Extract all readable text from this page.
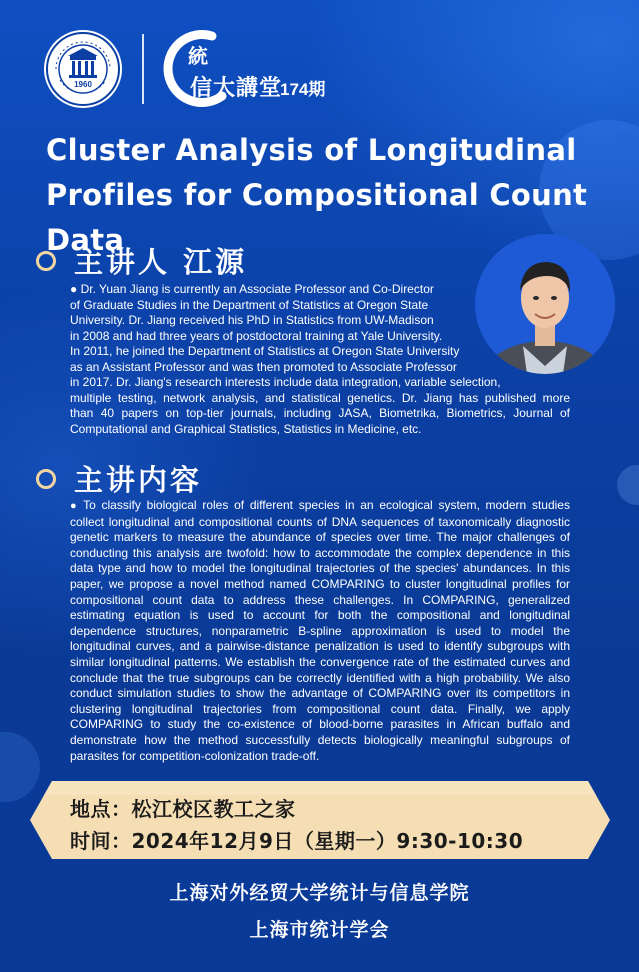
1960
統
信大講堂
174期
Cluster Analysis of Longitudinal Profiles for Compositional Count Data
主讲人 江源
● Dr. Yuan Jiang is currently an Associate Professor and Co-Director
of Graduate Studies in the Department of Statistics at Oregon State
University. Dr. Jiang received his PhD in Statistics from UW-Madison
in 2008 and had three years of postdoctoral training at Yale University.
In 2011, he joined the Department of Statistics at Oregon State University
as an Assistant Professor and was then promoted to Associate Professor
in 2017. Dr. Jiang's research interests include data integration, variable selection,
multiple testing, network analysis, and statistical genetics. Dr. Jiang has published more
than 40 papers on top-tier journals, including JASA, Biometrika, Biometrics, Journal of
Computational and Graphical Statistics, Statistics in Medicine, etc.
主讲内容

● To classify biological roles of different species in an ecological system, modern studies collect longitudinal and compositional counts of DNA sequences of taxonomically diagnostic genetic markers to measure the abundance of species over time. The major challenges of conducting this analysis are twofold: how to accommodate the complex dependence in this data type and how to model the longitudinal trajectories of the species' abundances. In this paper, we propose a novel method named COMPARING to cluster longitudinal profiles for compositional count data to address these challenges. In COMPARING, generalized estimating equation is used to account for both the compositional and longitudinal dependence structures, nonparametric B-spline approximation is used to model the longitudinal curves, and a pairwise-distance penalization is used to identify subgroups with similar longitudinal patterns. We establish the convergence rate of the estimated curves and conclude that the true subgroups can be correctly identified with a high probability. We also conduct simulation studies to show the advantage of COMPARING over its competitors in clustering longitudinal trajectories from compositional count data. Finally, we apply COMPARING to study the co-existence of blood-borne parasites in African buffalo and demonstrate how the method successfully detects biologically meaningful subgroups of parasites for competition-colonization trade-off.

地点：松江校区教工之家
时间：2024年12月9日（星期一）9:30-10:30
上海对外经贸大学统计与信息学院
上海市统计学会
